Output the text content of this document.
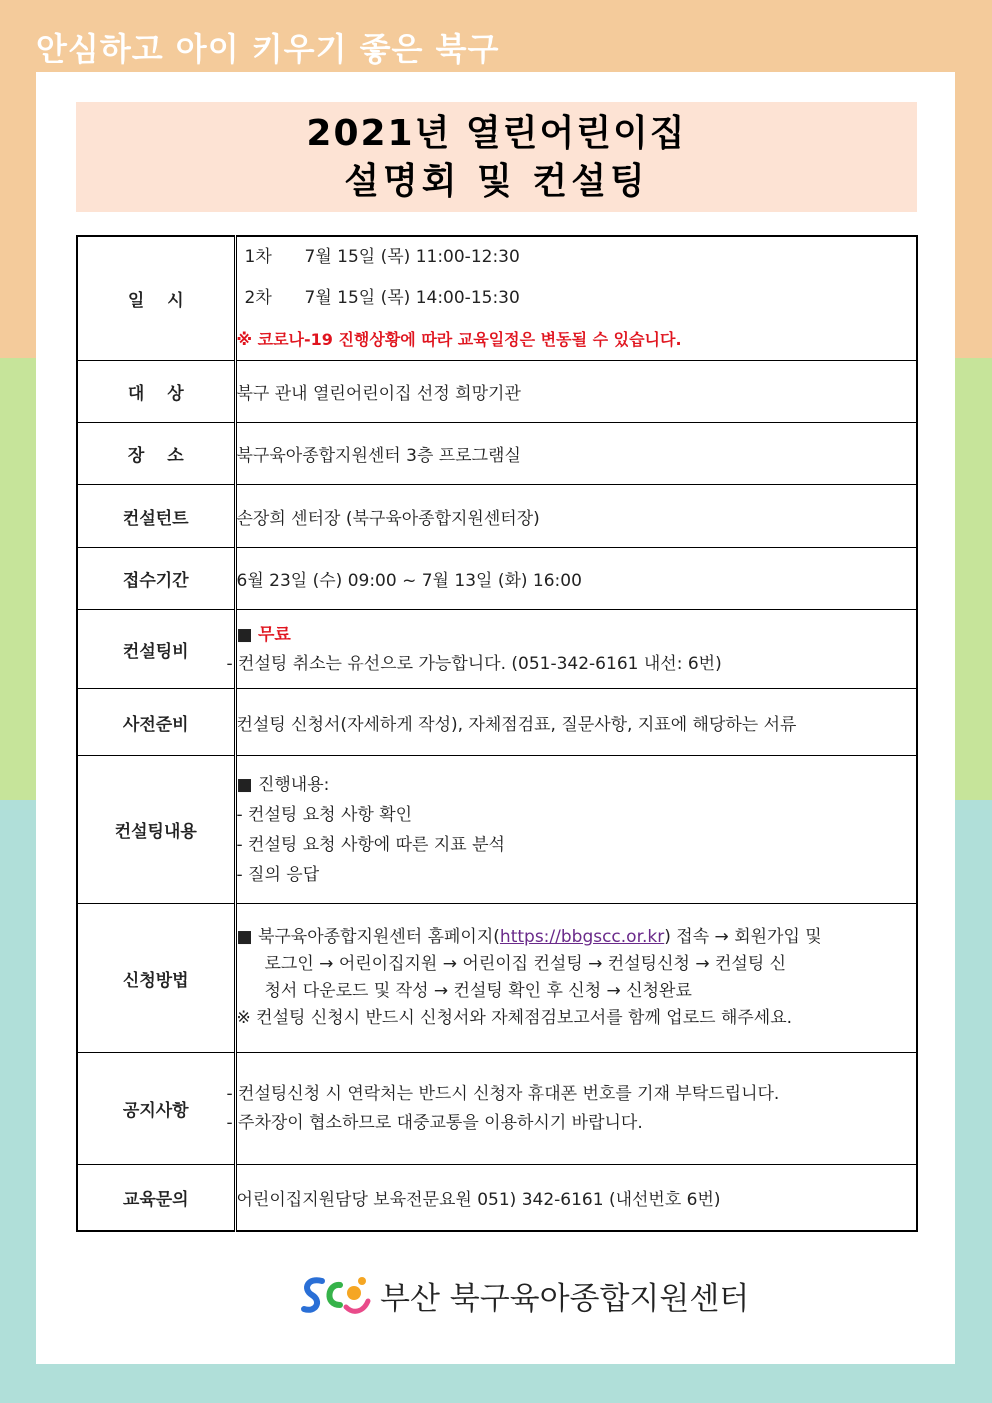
안심하고 아이 키우기 좋은 북구

2021년 열린어린이집
설명회 및 컨설팅
일　 시	1차 7월 15일 (목) 11:00-12:30
2차 7월 15일 (목) 14:00-15:30
※ 코로나-19 진행상황에 따라 교육일정은 변동될 수 있습니다.

대　 상	북구 관내 열린어린이집 선정 희망기관
장　 소	북구육아종합지원센터 3층 프로그램실
컨설턴트	손장희 센터장 (북구육아종합지원센터장)
접수기간	6월 23일 (수) 09:00 ~ 7월 13일 (화) 16:00
컨설팅비	■ 무료
- 컨설팅 취소는 유선으로 가능합니다. (051-342-6161 내선: 6번)

사전준비	컨설팅 신청서(자세하게 작성), 자체점검표, 질문사항, 지표에 해당하는 서류
컨설팅내용	■ 진행내용:
- 컨설팅 요청 사항 확인
- 컨설팅 요청 사항에 따른 지표 분석
- 질의 응답

신청방법	■ 북구육아종합지원센터 홈페이지(https://bbgscc.or.kr) 접속 → 회원가입 및
로그인 → 어린이집지원 → 어린이집 컨설팅 → 컨설팅신청 → 컨설팅 신
청서 다운로드 및 작성 → 컨설팅 확인 후 신청 → 신청완료
※ 컨설팅 신청시 반드시 신청서와 자체점검보고서를 함께 업로드 해주세요.

공지사항	- 컨설팅신청 시 연락처는 반드시 신청자 휴대폰 번호를 기재 부탁드립니다.
- 주차장이 협소하므로 대중교통을 이용하시기 바랍니다.

교육문의	어린이집지원담당 보육전문요원 051) 342-6161 (내선번호 6번)
부산 북구육아종합지원센터
